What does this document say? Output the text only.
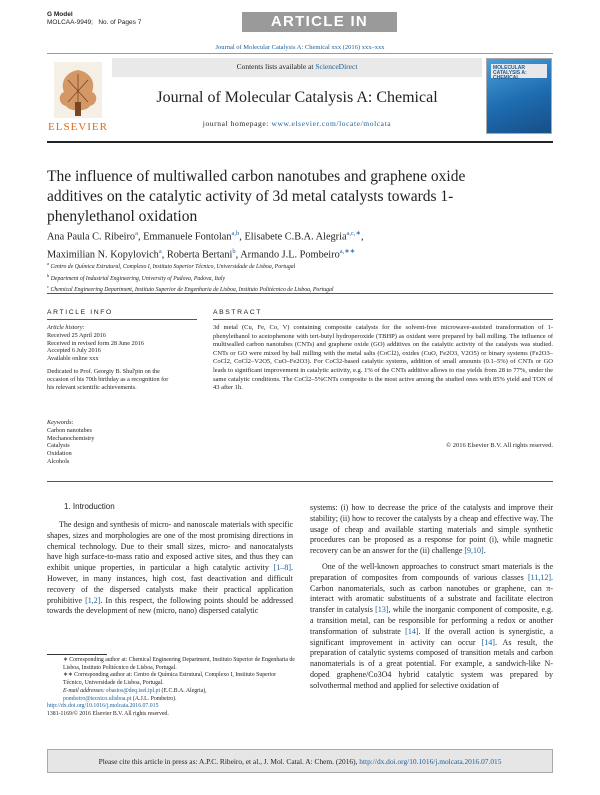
G Model
MOLCAA-9949; No. of Pages 7	ARTICLE IN PRESS
Journal of Molecular Catalysis A: Chemical xxx (2016) xxx–xxx
ELSEVIER
Contents lists available at ScienceDirect
Journal of Molecular Catalysis A: Chemical
journal homepage: www.elsevier.com/locate/molcata
MOLECULAR CATALYSIS A: CHEMICAL
The influence of multiwalled carbon nanotubes and graphene oxide additives on the catalytic activity of 3d metal catalysts towards 1-phenylethanol oxidation
Ana Paula C. Ribeiro$^a$, Emmanuele Fontolan$^{a,b}$, Elisabete C.B.A. Alegria$^{a,c,∗}$,
Maximilian N. Kopylovich$^a$, Roberta Bertani$^b$, Armando J.L. Pombeiro$^{a,∗∗}$
$^a$ Centro de Química Estrutural, Complexo I, Instituto Superior Técnico, Universidade de Lisboa, Portugal
$^b$ Department of Industrial Engineering, University of Padova, Padova, Italy
$^c$ Chemical Engineering Department, Instituto Superior de Engenharia de Lisboa, Instituto Politécnico de Lisboa, Portugal
ARTICLE INFO
Article history:
Received 25 April 2016
Received in revised form 28 June 2016
Accepted 6 July 2016
Available online xxx
Dedicated to Prof. Georgiy B. Shul'pin on the occasion of his 70th birthday as a recognition for his relevant scientific achievements.
Keywords:
Carbon nanotubes
Mechanochemistry
Catalysis
Oxidation
Alcohols
ABSTRACT
3d metal (Cu, Fe, Co, V) containing composite catalysts for the solvent-free microwave-assisted transformation of 1-phenylethanol to acetophenone with tert-butyl hydroperoxide (TBHP) as oxidant were prepared by ball milling. The influence of multiwalled carbon nanotubes (CNTs) and graphene oxide (GO) additives on the catalytic activity of the catalysts was studied. CNTs or GO were mixed by ball milling with the metal salts (CoCl2), oxides (CuO, Fe2O3, V2O5) or binary systems (Fe2O3–CoCl2, CoCl2–V2O5, CuO–Fe2O3). For CoCl2-based catalytic systems, addition of small amounts (0.1–5%) of CNTs or GO leads to significant improvement in catalytic activity, e.g. 1% of the CNTs additive allows to rise yields from 28 to 77%, under the same catalytic conditions. The CoCl2–5%CNTs composite is the most active among the studied ones with 85% yield and TON of 43 after 1h.
© 2016 Elsevier B.V. All rights reserved.
1. Introduction

The design and synthesis of micro- and nanoscale materials with specific shapes, sizes and morphologies are one of the most promising directions in chemical technology. Due to their small sizes, micro- and nanocatalysts have high surface-to-mass ratio and exposed active sites, and thus they can exhibit unique properties, in particular a high catalytic activity [1–8]. However, in many instances, high cost, fast deactivation and difficult recovery of the dispersed catalysts make their practical application prohibitive [1,2]. In this respect, the following points should be addressed towards the development of new (micro, nano) dispersed catalytic

∗ Corresponding author at: Chemical Engineering Department, Instituto Superior de Engenharia de Lisboa, Instituto Politécnico de Lisboa, Portugal.
∗∗ Corresponding author at: Centro de Química Estrutural, Complexo I, Instituto Superior Técnico, Universidade de Lisboa, Portugal.
E-mail addresses: ebastos@deq.isel.ipl.pt (E.C.B.A. Alegria),
pombeiro@tecnico.ulisboa.pt (A.J.L. Pombeiro).
http://dx.doi.org/10.1016/j.molcata.2016.07.015
1381-1169/© 2016 Elsevier B.V. All rights reserved.

systems: (i) how to decrease the price of the catalysts and improve their stability; (ii) how to recover the catalysts by a cheap and effective way. The usage of cheap and available starting materials and simple synthetic procedures can be proposed as a response for point (i), while magnetic recovery can be an answer for the (ii) challenge [9,10].

One of the well-known approaches to construct smart materials is the preparation of composites from compounds of various classes [11,12]. Carbon nanomaterials, such as carbon nanotubes or graphene, can π-interact with aromatic substituents of a substrate and facilitate electron transfer in catalysis [13], while the inorganic component of composite, e.g. a transition metal, can be responsible for performing a redox or another transformation of substrate [14]. If the overall action is synergistic, a significant improvement in activity can occur [14]. As result, the preparation of catalytic systems composed of transition metals and carbon nanomaterials is of a great potential. For example, a sandwich-like N-doped graphene/Co3O4 hybrid catalytic system was prepared by solvothermal method and applied for selective oxidation of

Please cite this article in press as: A.P.C. Ribeiro, et al., J. Mol. Catal. A: Chem. (2016), http://dx.doi.org/10.1016/j.molcata.2016.07.015
